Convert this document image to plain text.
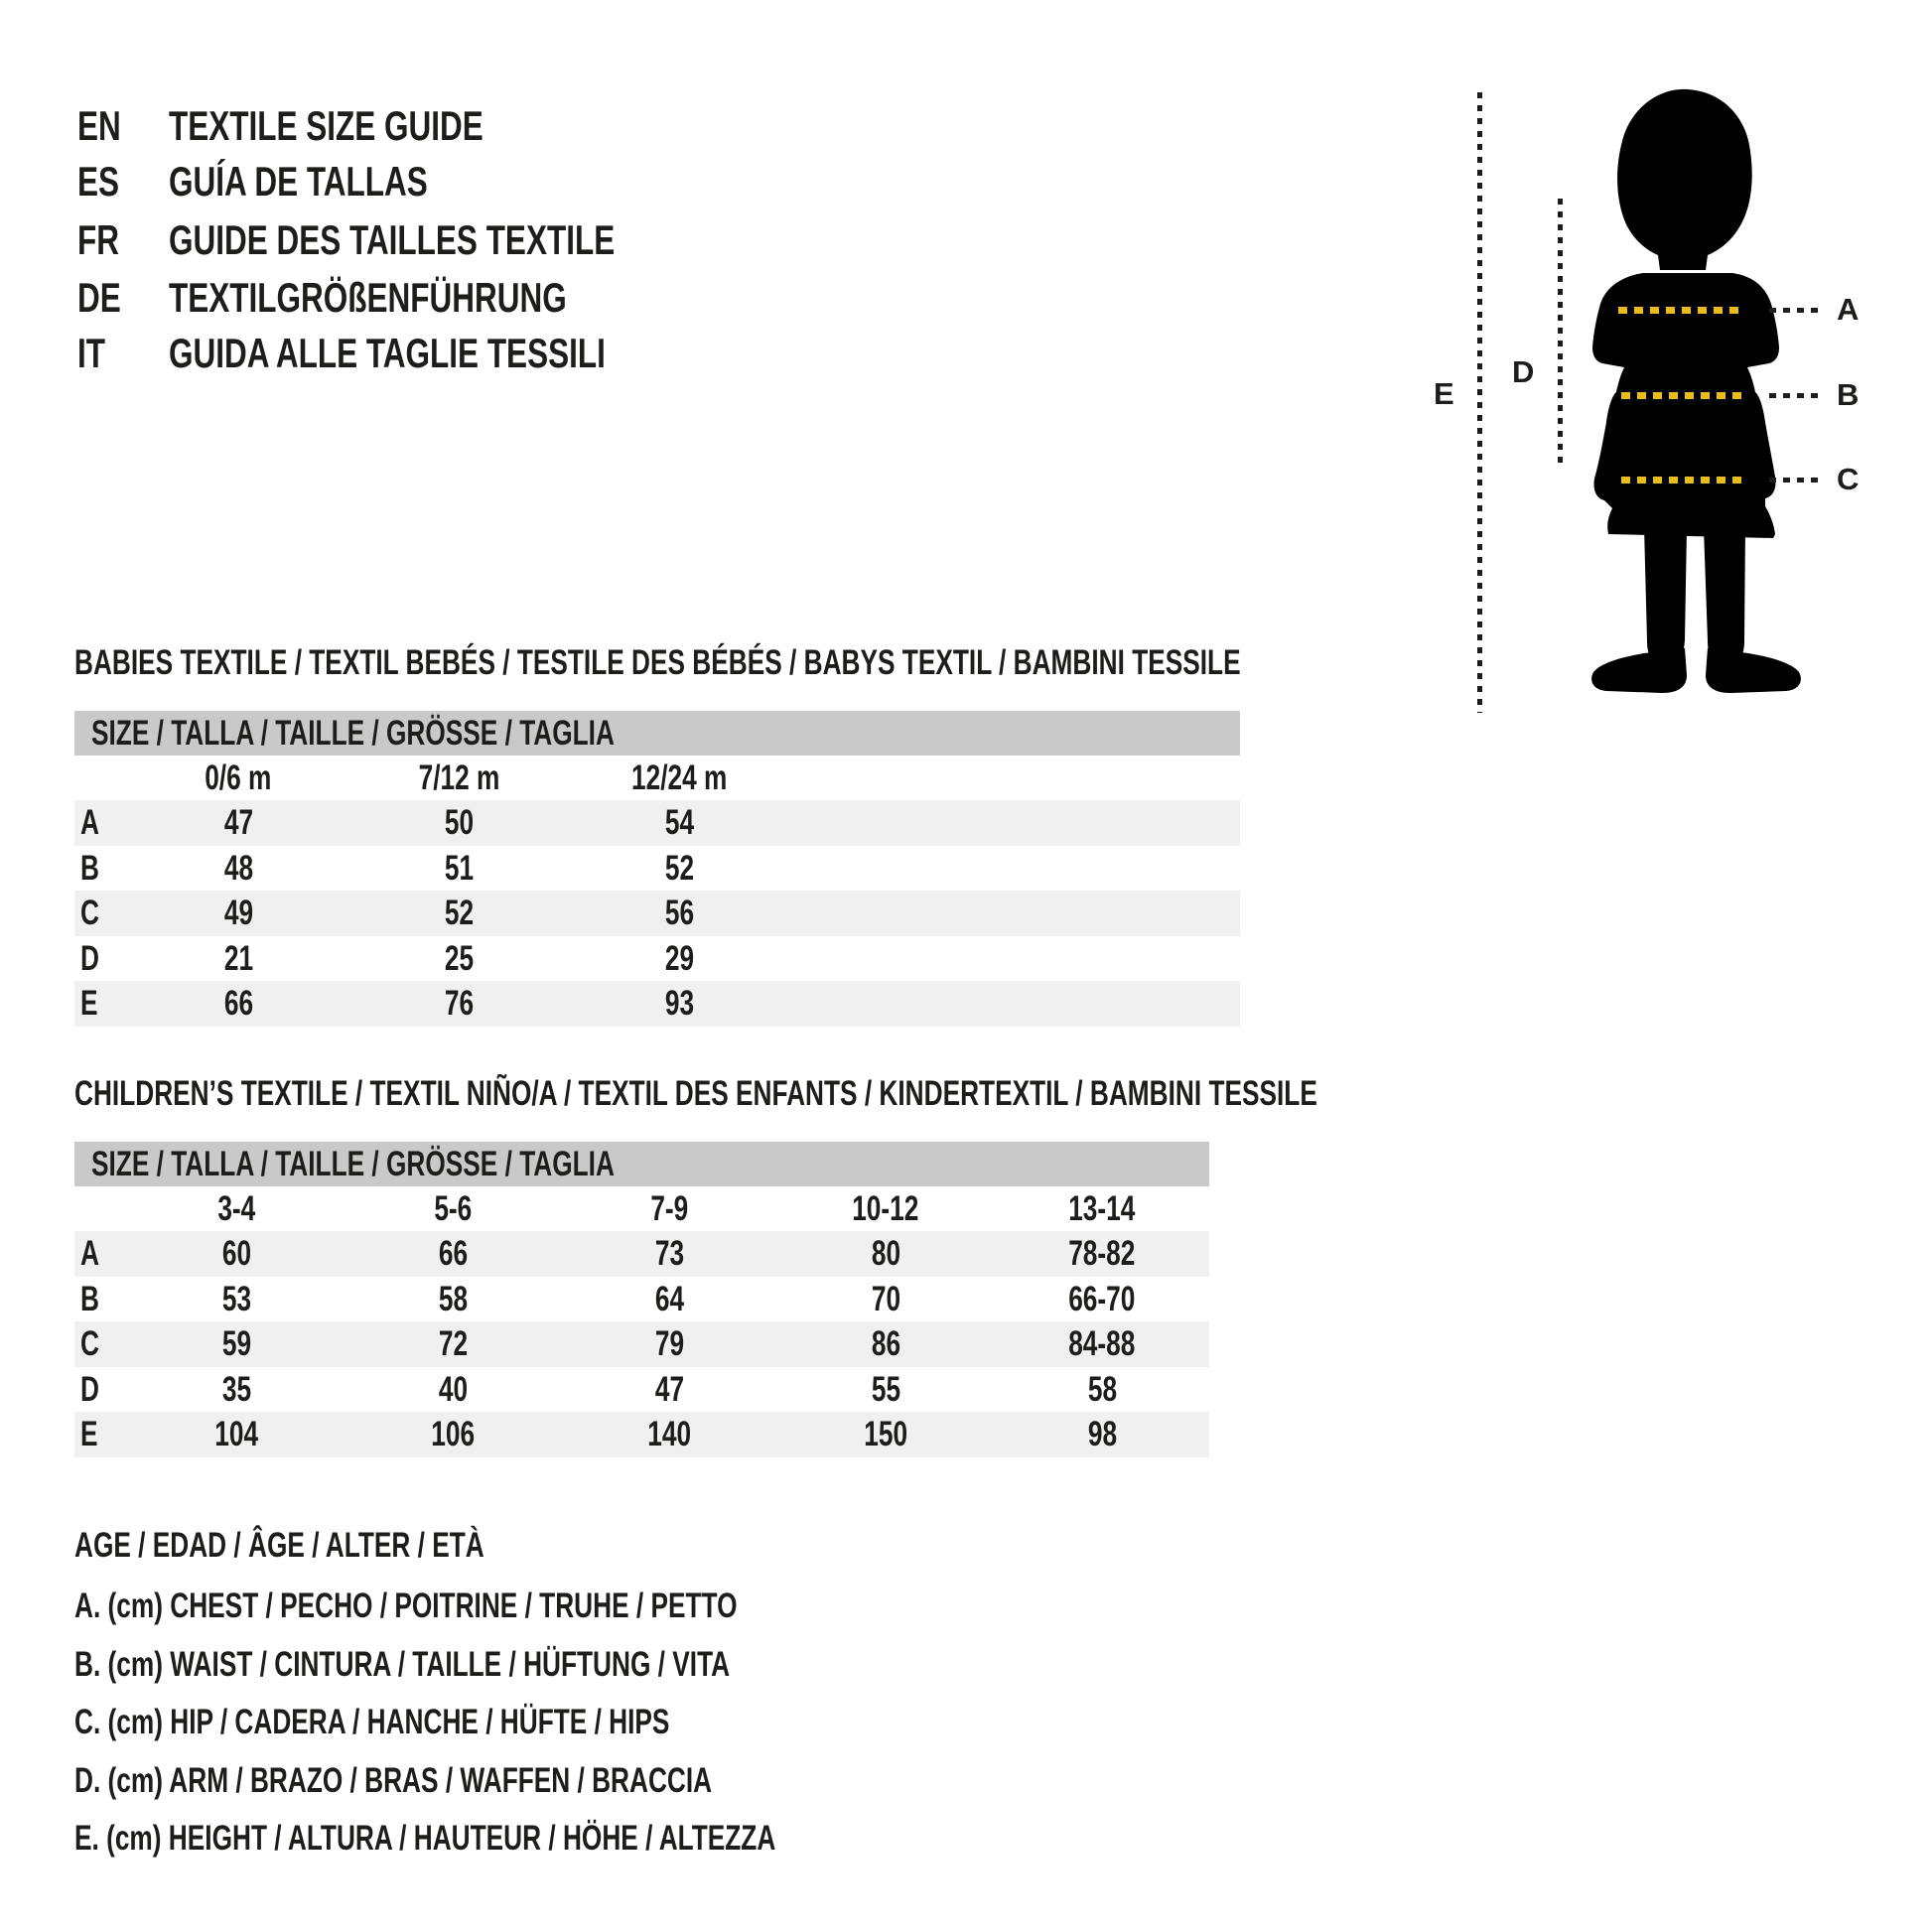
EN	TEXTILE SIZE GUIDE
ES	GUÍA DE TALLAS
FR	GUIDE DES TAILLES TEXTILE
DE	TEXTILGRÖßENFÜHRUNG
IT GUIDA ALLE TAGLIE TESSILI
E
D
A
B
C
BABIES TEXTILE / TEXTIL BEBÉS / TESTILE DES BÉBÉS / BABYS TEXTIL / BAMBINI TESSILE
SIZE / TALLA / TAILLE / GRÖSSE / TAGLIA
0/6 m	7/12 m	12/24 m
A	47	50	54
B	48	51	52
C	49	52	56
D	21	25	29
E	66	76	93
CHILDREN’S TEXTILE / TEXTIL NIÑO/A / TEXTIL DES ENFANTS / KINDERTEXTIL / BAMBINI TESSILE
SIZE / TALLA / TAILLE / GRÖSSE / TAGLIA
3-4	5-6	7-9	10-12	13-14
A	60	66	73	80	78-82
B	53	58	64	70	66-70
C	59	72	79	86	84-88
D	35	40	47	55	58
E	104	106	140	150	98
AGE / EDAD / ÂGE / ALTER / ETÀ
A. (cm) CHEST / PECHO / POITRINE / TRUHE / PETTO
B. (cm) WAIST / CINTURA / TAILLE / HÜFTUNG / VITA
C. (cm) HIP / CADERA / HANCHE / HÜFTE / HIPS
D. (cm) ARM / BRAZO / BRAS / WAFFEN / BRACCIA
E. (cm) HEIGHT / ALTURA / HAUTEUR / HÖHE / ALTEZZA
